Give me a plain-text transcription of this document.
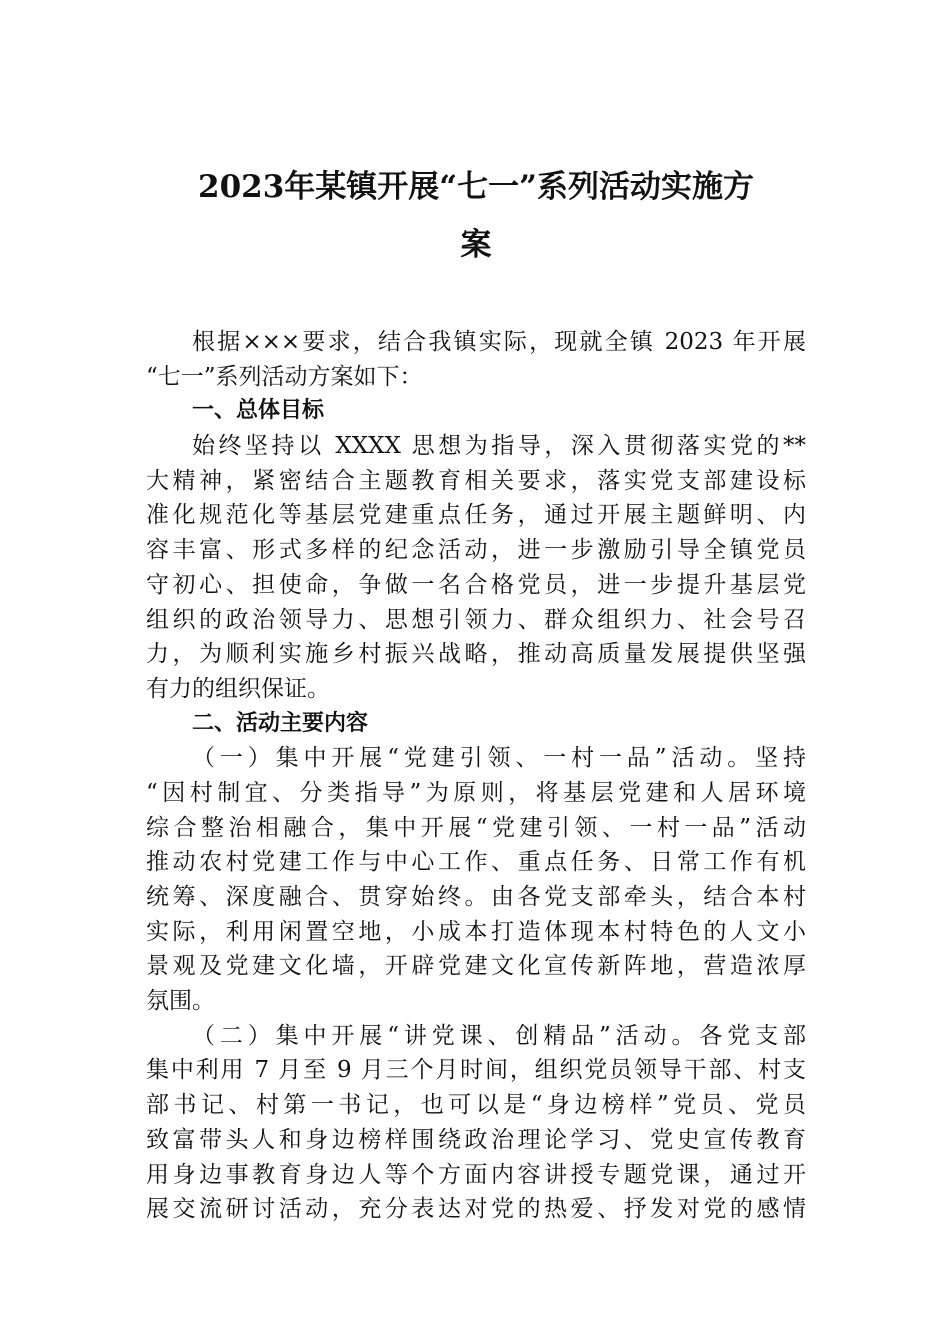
2023年某镇开展“七一”系列活动实施方
案
根据×××要求，结合我镇实际，现就全镇 2023 年开展
“七一”系列活动方案如下：
一、总体目标
始终坚持以 XXXX 思想为指导，深入贯彻落实党的**
大精神，紧密结合主题教育相关要求，落实党支部建设标
准化规范化等基层党建重点任务，通过开展主题鲜明、内
容丰富、形式多样的纪念活动，进一步激励引导全镇党员
守初心、担使命，争做一名合格党员，进一步提升基层党
组织的政治领导力、思想引领力、群众组织力、社会号召
力，为顺利实施乡村振兴战略，推动高质量发展提供坚强
有力的组织保证。
二、活动主要内容
（一）集中开展“党建引领、一村一品”活动。坚持
“因村制宜、分类指导”为原则，将基层党建和人居环境
综合整治相融合，集中开展“党建引领、一村一品”活动
推动农村党建工作与中心工作、重点任务、日常工作有机
统筹、深度融合、贯穿始终。由各党支部牵头，结合本村
实际，利用闲置空地，小成本打造体现本村特色的人文小
景观及党建文化墙，开辟党建文化宣传新阵地，营造浓厚
氛围。
（二）集中开展“讲党课、创精品”活动。各党支部
集中利用 7 月至 9 月三个月时间，组织党员领导干部、村支
部书记、村第一书记，也可以是“身边榜样”党员、党员
致富带头人和身边榜样围绕政治理论学习、党史宣传教育
用身边事教育身边人等个方面内容讲授专题党课，通过开
展交流研讨活动，充分表达对党的热爱、抒发对党的感情
